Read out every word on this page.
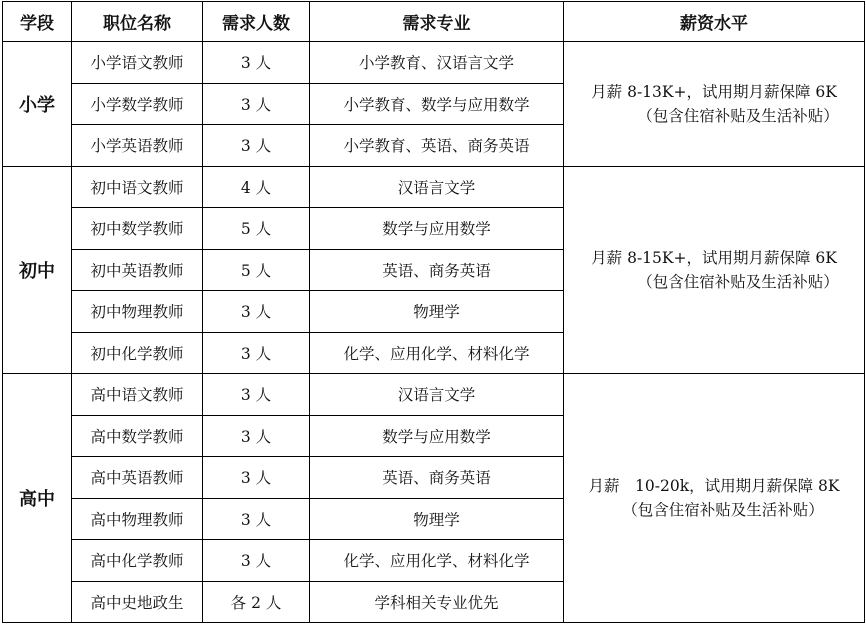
学段	职位名称	需求人数	需求专业	薪资水平
小学	小学语文教师	3 人	小学教育、汉语言文学	月薪 8-13K+，试用期月薪保障 6K
（包含住宿补贴及生活补贴）

	小学数学教师	3 人	小学教育、数学与应用数学	
	小学英语教师	3 人	小学教育、英语、商务英语	
初中	初中语文教师	4 人	汉语言文学	月薪 8-15K+，试用期月薪保障 6K
（包含住宿补贴及生活补贴）

	初中数学教师	5 人	数学与应用数学	
	初中英语教师	5 人	英语、商务英语	
	初中物理教师	3 人	物理学	
	初中化学教师	3 人	化学、应用化学、材料化学	
高中	高中语文教师	3 人	汉语言文学	月薪　10-20k，试用期月薪保障 8K
（包含住宿补贴及生活补贴）

	高中数学教师	3 人	数学与应用数学	
	高中英语教师	3 人	英语、商务英语	
	高中物理教师	3 人	物理学	
	高中化学教师	3 人	化学、应用化学、材料化学	
	高中史地政生	各 2 人	学科相关专业优先	
